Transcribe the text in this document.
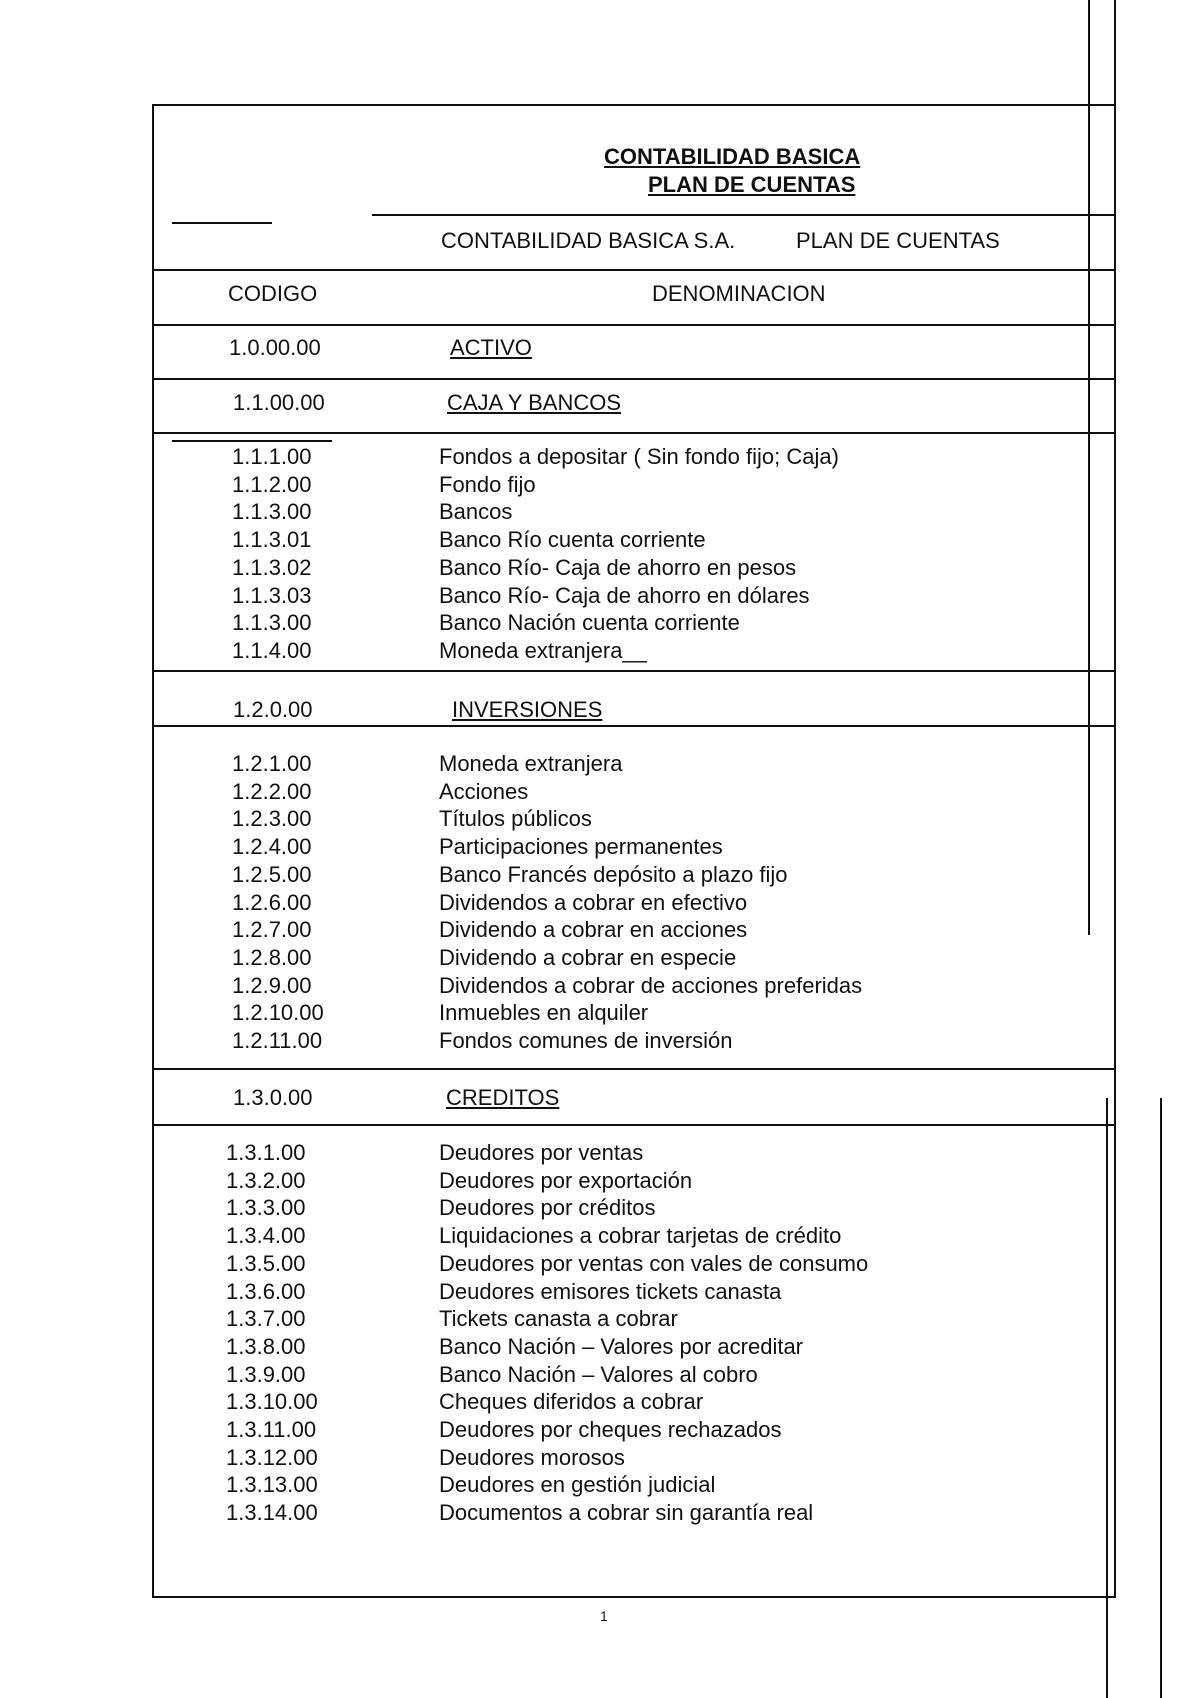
CONTABILIDAD BASICA
PLAN DE CUENTAS
CONTABILIDAD BASICA S.A.	PLAN DE CUENTAS
CODIGO	DENOMINACION
1.0.00.00	ACTIVO
1.1.00.00	CAJA Y BANCOS
1.2.0.00	INVERSIONES
1.3.0.00	CREDITOS
1.1.1.00	Fondos a depositar ( Sin fondo fijo; Caja)
1.1.2.00	Fondo fijo
1.1.3.00	Bancos
1.1.3.01	Banco Río cuenta corriente
1.1.3.02	Banco Río- Caja de ahorro en pesos
1.1.3.03	Banco Río- Caja de ahorro en dólares
1.1.3.00	Banco Nación cuenta corriente
1.1.4.00	Moneda extranjera__
1.2.1.00	Moneda extranjera
1.2.2.00	Acciones
1.2.3.00	Títulos públicos
1.2.4.00	Participaciones permanentes
1.2.5.00	Banco Francés depósito a plazo fijo
1.2.6.00	Dividendos a cobrar en efectivo
1.2.7.00	Dividendo a cobrar en acciones
1.2.8.00	Dividendo a cobrar en especie
1.2.9.00	Dividendos a cobrar de acciones preferidas
1.2.10.00	Inmuebles en alquiler
1.2.11.00	Fondos comunes de inversión
1.3.1.00	Deudores por ventas
1.3.2.00	Deudores por exportación
1.3.3.00	Deudores por créditos
1.3.4.00	Liquidaciones a cobrar tarjetas de crédito
1.3.5.00	Deudores por ventas con vales de consumo
1.3.6.00	Deudores emisores tickets canasta
1.3.7.00	Tickets canasta a cobrar
1.3.8.00	Banco Nación – Valores por acreditar
1.3.9.00	Banco Nación – Valores al cobro
1.3.10.00	Cheques diferidos a cobrar
1.3.11.00	Deudores por cheques rechazados
1.3.12.00	Deudores morosos
1.3.13.00	Deudores en gestión judicial
1.3.14.00	Documentos a cobrar sin garantía real
1
